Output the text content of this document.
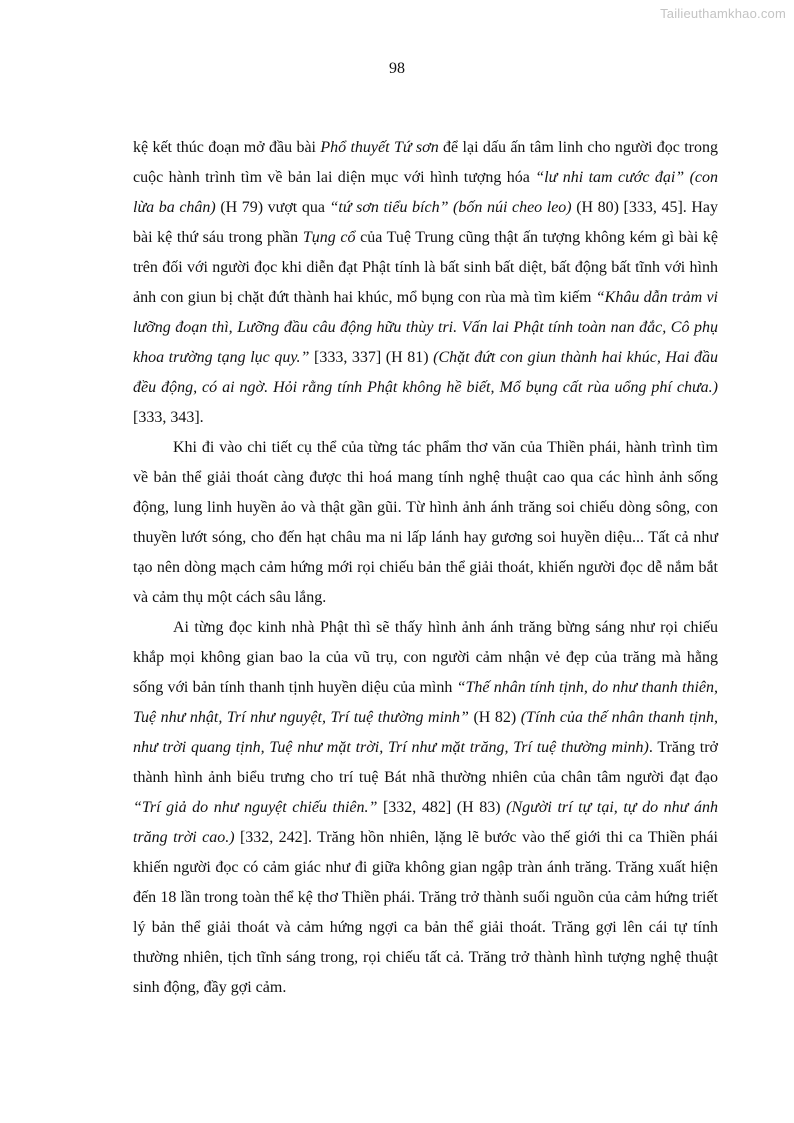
Tailieuthamkhao.com
98

kệ kết thúc đoạn mở đầu bài Phổ thuyết Tứ sơn để lại dấu ấn tâm linh cho người đọc trong cuộc hành trình tìm về bản lai diện mục với hình tượng hóa “lư nhi tam cước đại” (con lừa ba chân) (H 79) vượt qua “tứ sơn tiểu bích” (bốn núi cheo leo) (H 80) [333, 45]. Hay bài kệ thứ sáu trong phần Tụng cổ của Tuệ Trung cũng thật ấn tượng không kém gì bài kệ trên đối với người đọc khi diễn đạt Phật tính là bất sinh bất diệt, bất động bất tĩnh với hình ảnh con giun bị chặt đứt thành hai khúc, mổ bụng con rùa mà tìm kiếm “Khâu dẫn trảm vi lưỡng đoạn thì, Lưỡng đầu câu động hữu thùy tri. Vấn lai Phật tính toàn nan đắc, Cô phụ khoa trường tạng lục quy.” [333, 337] (H 81) (Chặt đứt con giun thành hai khúc, Hai đầu đều động, có ai ngờ. Hỏi rằng tính Phật không hề biết, Mổ bụng cất rùa uổng phí chưa.) [333, 343].

Khi đi vào chi tiết cụ thể của từng tác phẩm thơ văn của Thiền phái, hành trình tìm về bản thể giải thoát càng được thi hoá mang tính nghệ thuật cao qua các hình ảnh sống động, lung linh huyền ảo và thật gần gũi. Từ hình ảnh ánh trăng soi chiếu dòng sông, con thuyền lướt sóng, cho đến hạt châu ma ni lấp lánh hay gương soi huyền diệu... Tất cả như tạo nên dòng mạch cảm hứng mới rọi chiếu bản thể giải thoát, khiến người đọc dễ nắm bắt và cảm thụ một cách sâu lắng.

Ai từng đọc kinh nhà Phật thì sẽ thấy hình ảnh ánh trăng bừng sáng như rọi chiếu khắp mọi không gian bao la của vũ trụ, con người cảm nhận vẻ đẹp của trăng mà hằng sống với bản tính thanh tịnh huyền diệu của mình “Thế nhân tính tịnh, do như thanh thiên, Tuệ như nhật, Trí như nguyệt, Trí tuệ thường minh” (H 82) (Tính của thế nhân thanh tịnh, như trời quang tịnh, Tuệ như mặt trời, Trí như mặt trăng, Trí tuệ thường minh). Trăng trở thành hình ảnh biểu trưng cho trí tuệ Bát nhã thường nhiên của chân tâm người đạt đạo “Trí giả do như nguyệt chiếu thiên.” [332, 482] (H 83) (Người trí tự tại, tự do như ánh trăng trời cao.) [332, 242]. Trăng hồn nhiên, lặng lẽ bước vào thế giới thi ca Thiền phái khiến người đọc có cảm giác như đi giữa không gian ngập tràn ánh trăng. Trăng xuất hiện đến 18 lần trong toàn thể kệ thơ Thiền phái. Trăng trở thành suối nguồn của cảm hứng triết lý bản thể giải thoát và cảm hứng ngợi ca bản thể giải thoát. Trăng gợi lên cái tự tính thường nhiên, tịch tĩnh sáng trong, rọi chiếu tất cả. Trăng trở thành hình tượng nghệ thuật sinh động, đầy gợi cảm.
